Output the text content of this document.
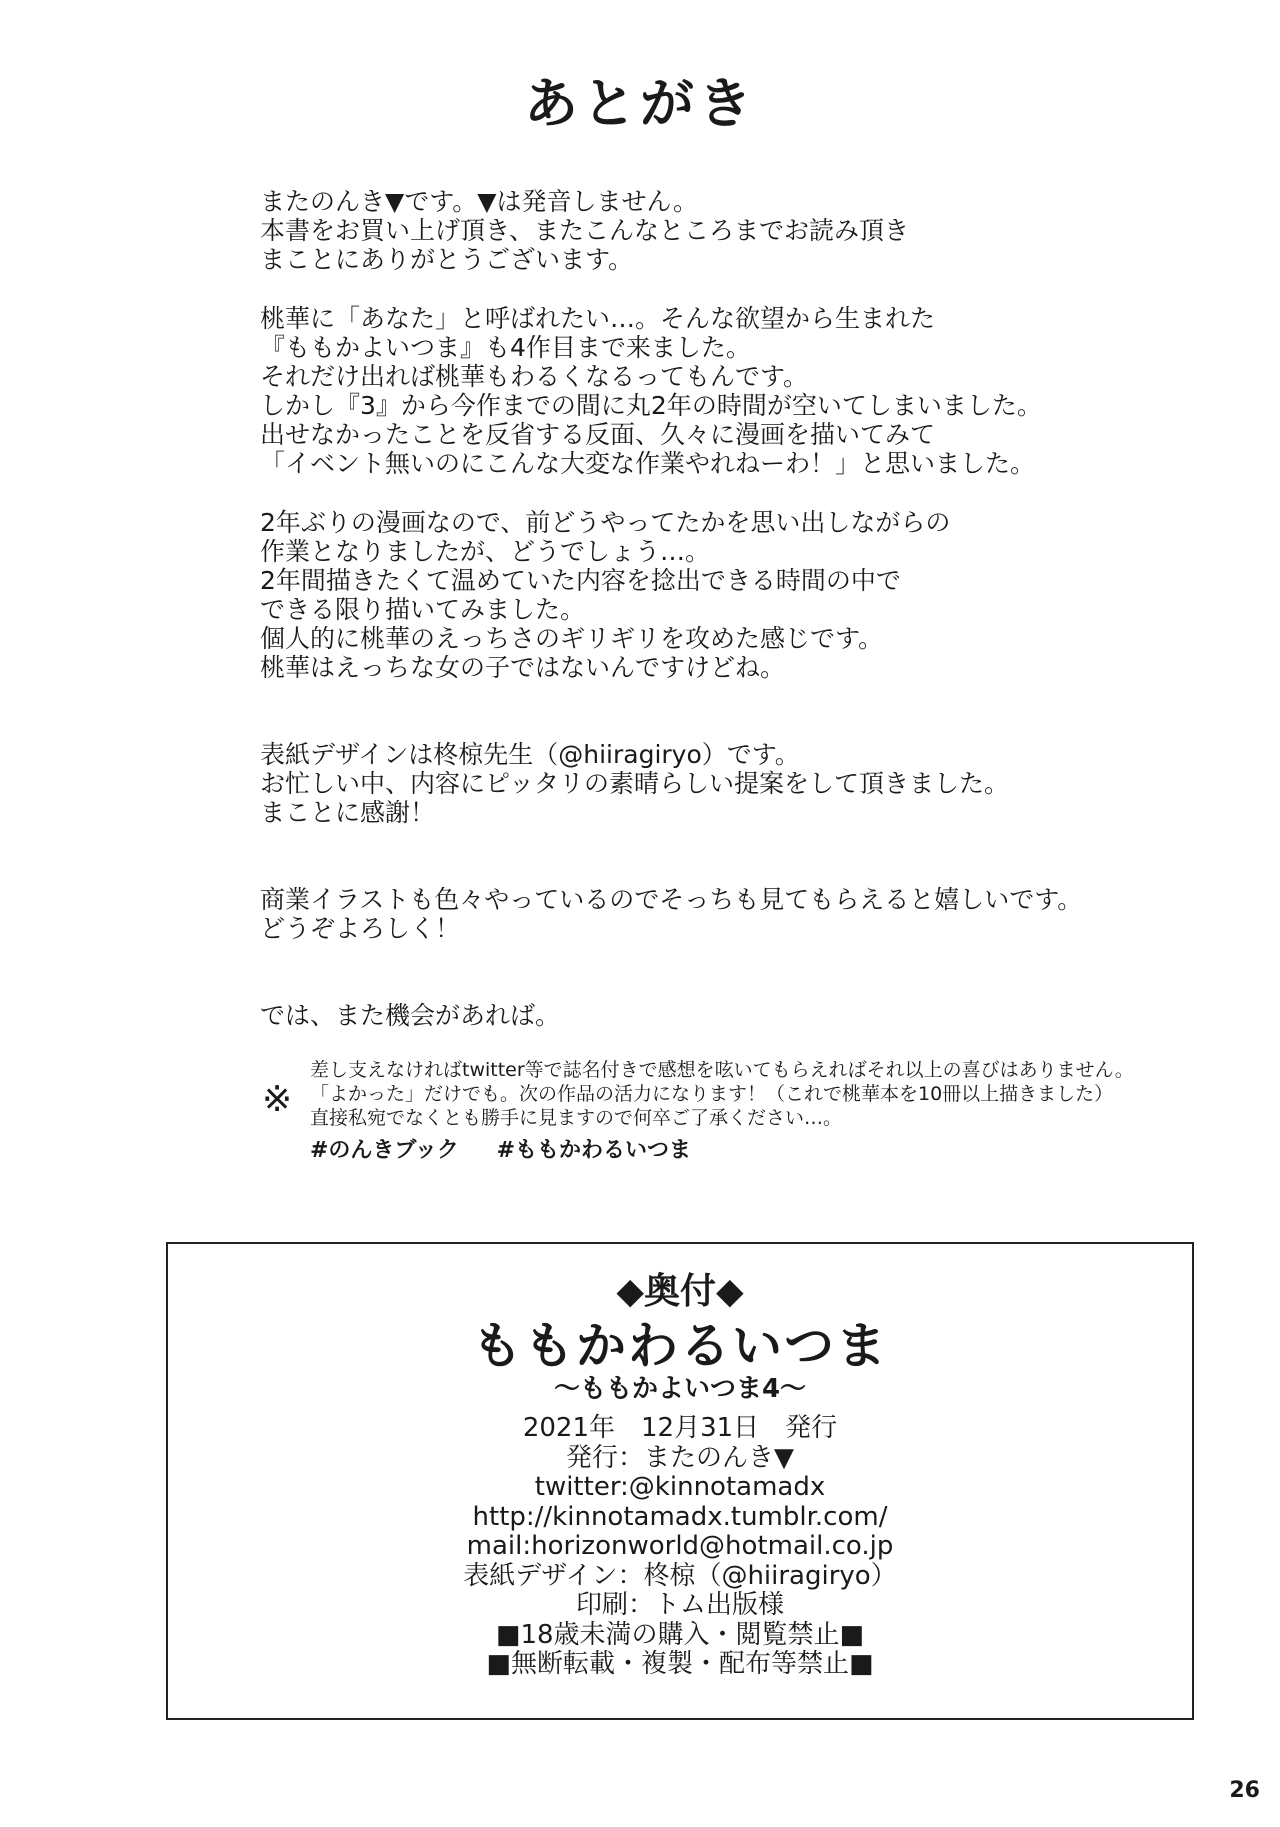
あとがき

またのんき▼です。▼は発音しません。
本書をお買い上げ頂き、またこんなところまでお読み頂き
まことにありがとうございます。

桃華に「あなた」と呼ばれたい…。そんな欲望から生まれた
『ももかよいつま』も4作目まで来ました。
それだけ出れば桃華もわるくなるってもんです。
しかし『3』から今作までの間に丸2年の時間が空いてしまいました。
出せなかったことを反省する反面、久々に漫画を描いてみて
「イベント無いのにこんな大変な作業やれねーわ！」と思いました。

2年ぶりの漫画なので、前どうやってたかを思い出しながらの
作業となりましたが、どうでしょう…。
2年間描きたくて温めていた内容を捻出できる時間の中で
できる限り描いてみました。
個人的に桃華のえっちさのギリギリを攻めた感じです。
桃華はえっちな女の子ではないんですけどね。

表紙デザインは柊椋先生（@hiiragiryo）です。
お忙しい中、内容にピッタリの素晴らしい提案をして頂きました。
まことに感謝！

商業イラストも色々やっているのでそっちも見てもらえると嬉しいです。
どうぞよろしく！

では、また機会があれば。

※
差し支えなければtwitter等で誌名付きで感想を呟いてもらえればそれ以上の喜びはありません。
「よかった」だけでも。次の作品の活力になります！（これで桃華本を10冊以上描きました）
直接私宛でなくとも勝手に見ますので何卒ご了承ください…。
#のんきブック #ももかわるいつま
◆奥付◆
ももかわるいつま
〜ももかよいつま4〜
2021年　12月31日　発行
発行：またのんき▼
twitter:@kinnotamadx
http://kinnotamadx.tumblr.com/
mail:horizonworld@hotmail.co.jp
表紙デザイン：柊椋（@hiiragiryo）
印刷：トム出版様
■18歳未満の購入・閲覧禁止■
■無断転載・複製・配布等禁止■
26
